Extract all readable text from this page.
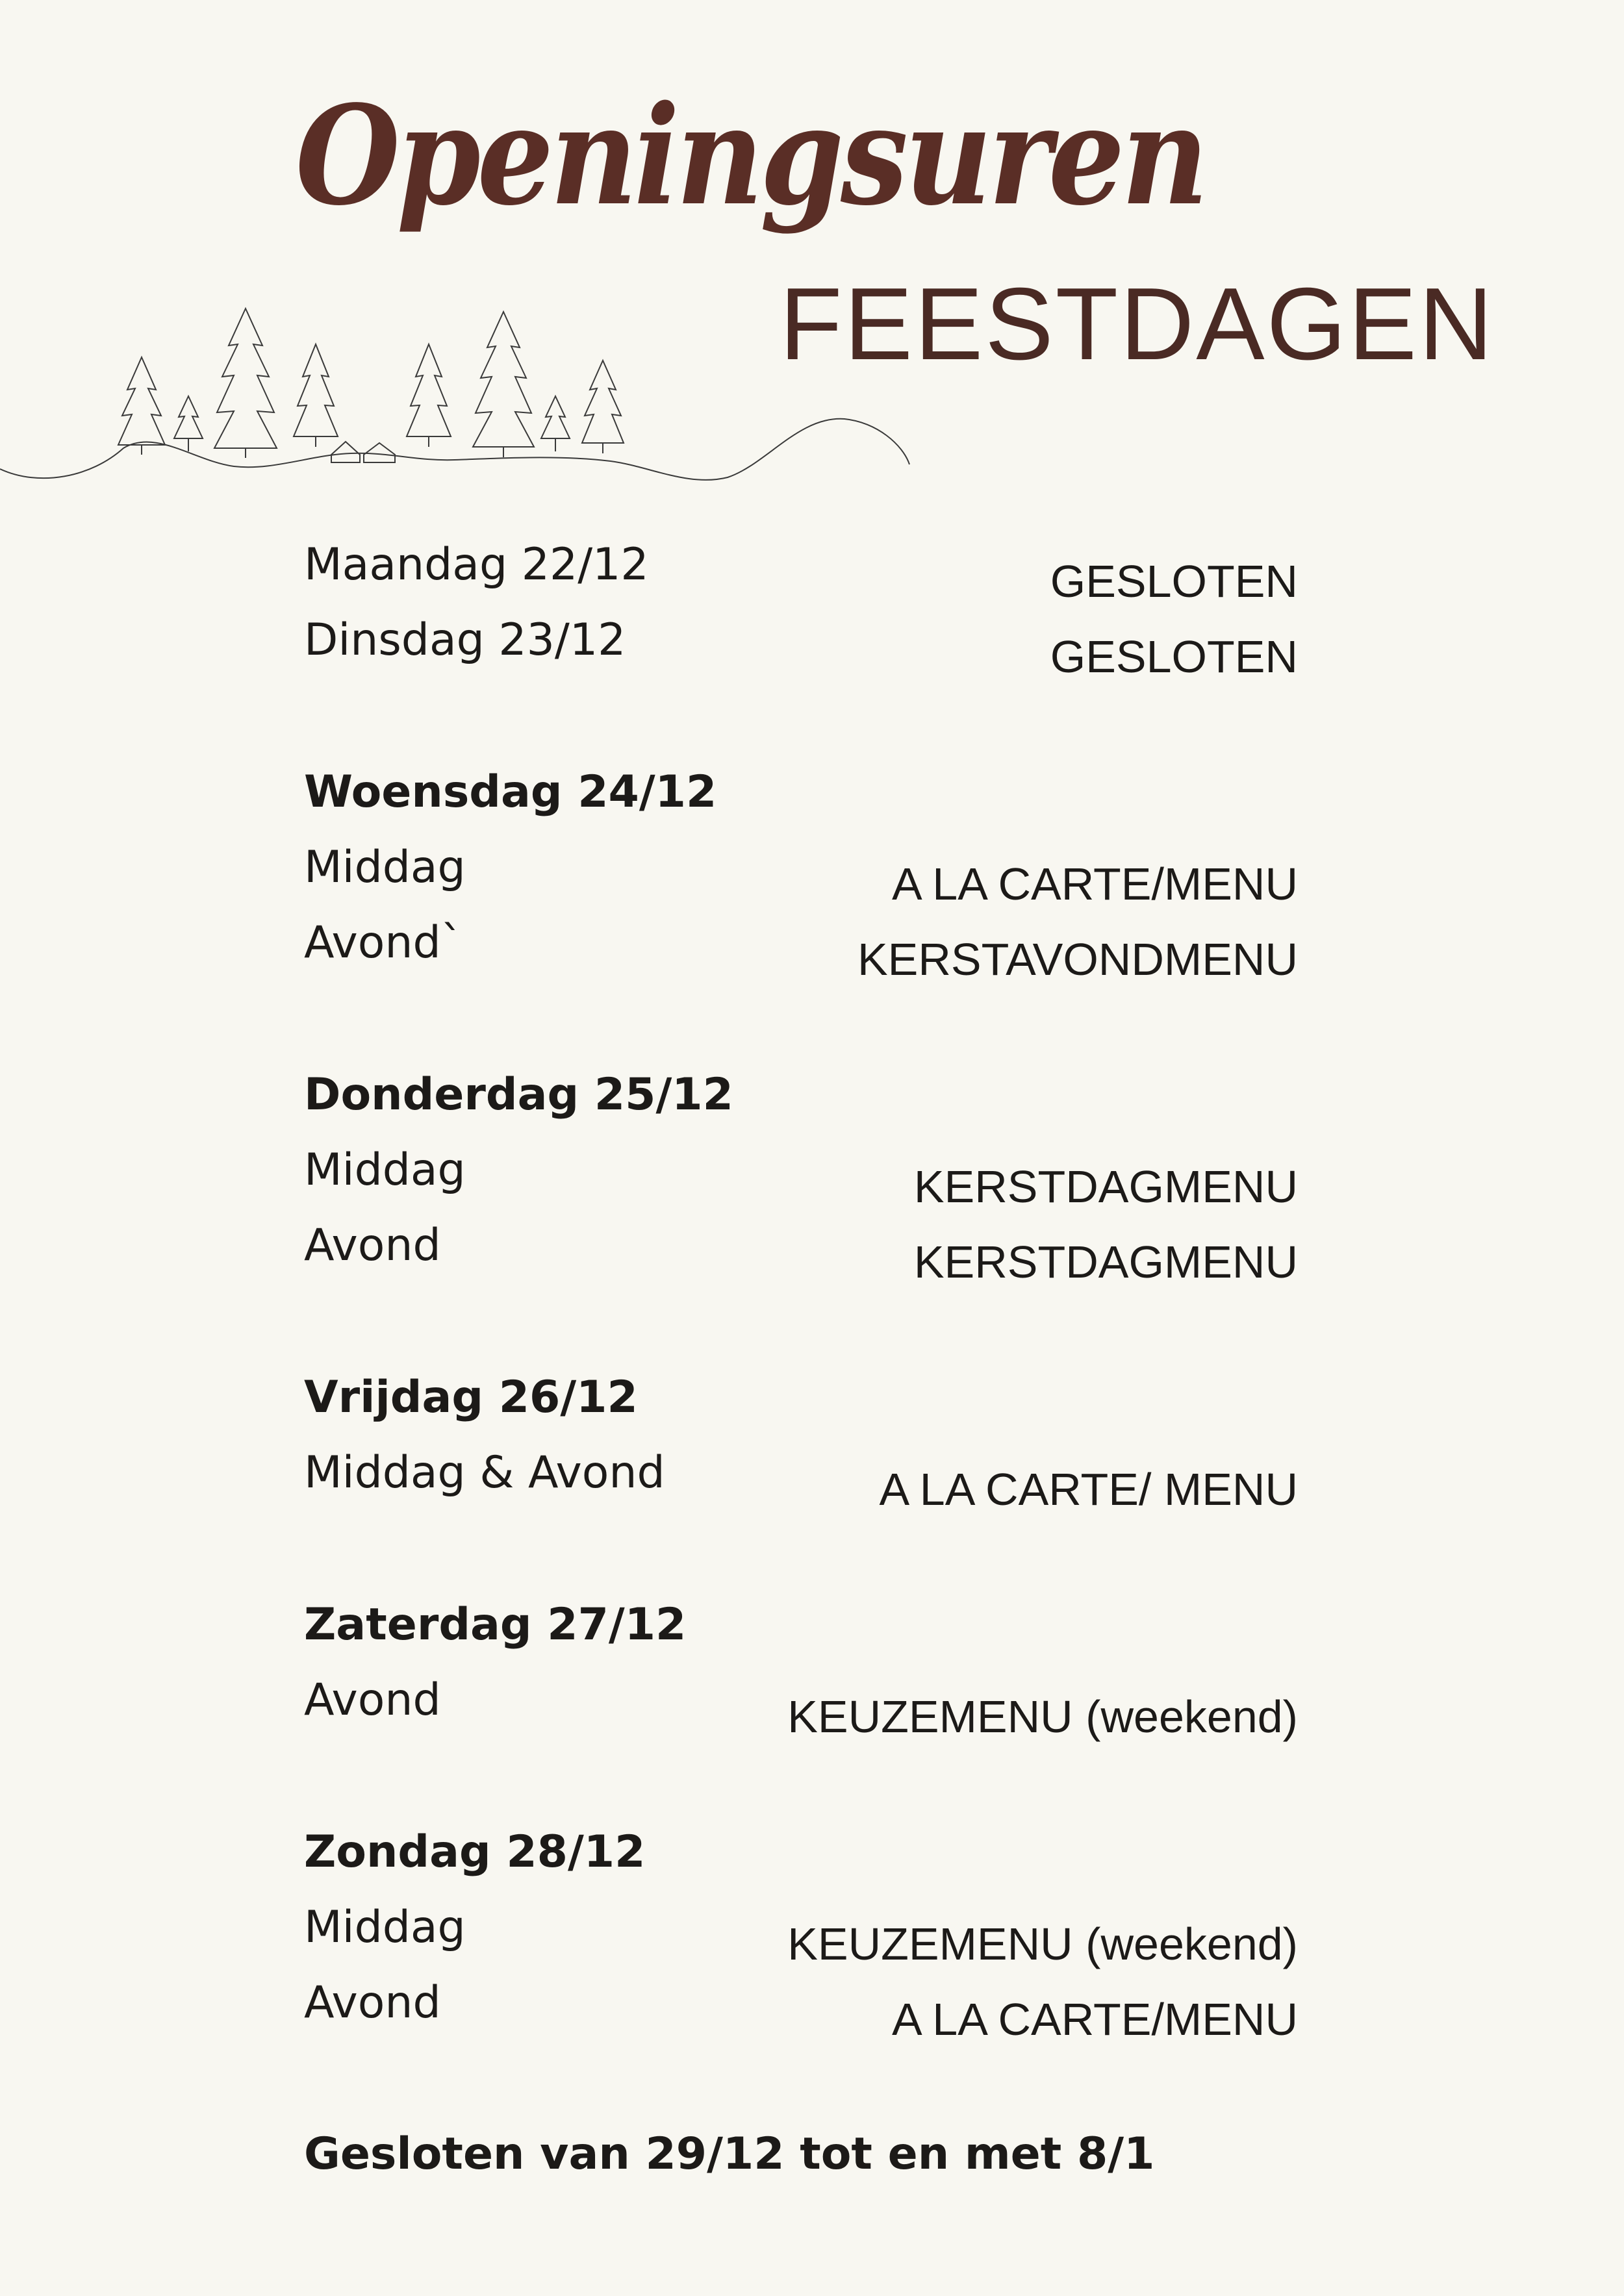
Openingsuren
FEESTDAGEN
Maandag 22/12	GESLOTEN
Dinsdag 23/12	GESLOTEN
Woensdag 24/12
Middag	A LA CARTE/MENU
Avond`	KERSTAVONDMENU
Donderdag 25/12
Middag	KERSTDAGMENU
Avond	KERSTDAGMENU
Vrijdag 26/12
Middag & Avond	A LA CARTE/ MENU
Zaterdag 27/12
Avond	KEUZEMENU (weekend)
Zondag 28/12
Middag	KEUZEMENU (weekend)
Avond	A LA CARTE/MENU
Gesloten van 29/12 tot en met 8/1
